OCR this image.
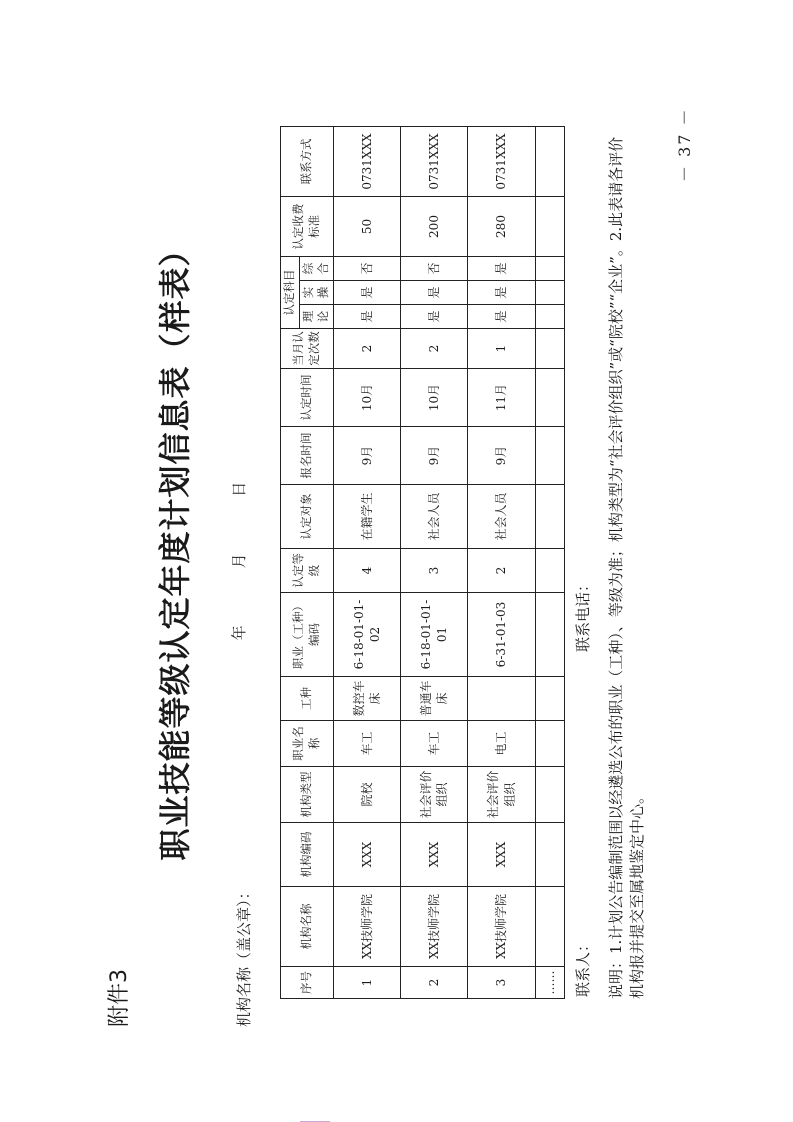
附件3
职业技能等级认定年度计划信息表（样表） 年 月 日
机构名称（盖公章）：	序号	机构名称	机构编码	机构类型	职业名称	工种	职业（工种）编码	认定等级	认定对象	报名时间	认定时间	当月认定次数	认定科目			认定收费标准	联系方式
												理论	实操	综合		
1	XX技师学院	XXX	院校	车工	数控车床	6-18-01-01-02	4	在籍学生	9月	10月	2	是	是	否	50	0731XXX
2	XX技师学院	XXX	社会评价组织	车工	普通车床	6-18-01-01-01	3	社会人员	9月	10月	2	是	是	否	200	0731XXX
3	XX技师学院	XXX	社会评价组织	电工		6-31-01-03	2	社会人员	9月	11月	1	是	是	是	280	0731XXX
……																联系人：
联系电话： 说明：1.计划公告编制范围以经遴选公布的职业（工种）、等级为准；机构类型为“社会评价组织”或“院校”“企业”。2.此表请各评价机构报并提交至属地鉴定中心。
－ 37 －
